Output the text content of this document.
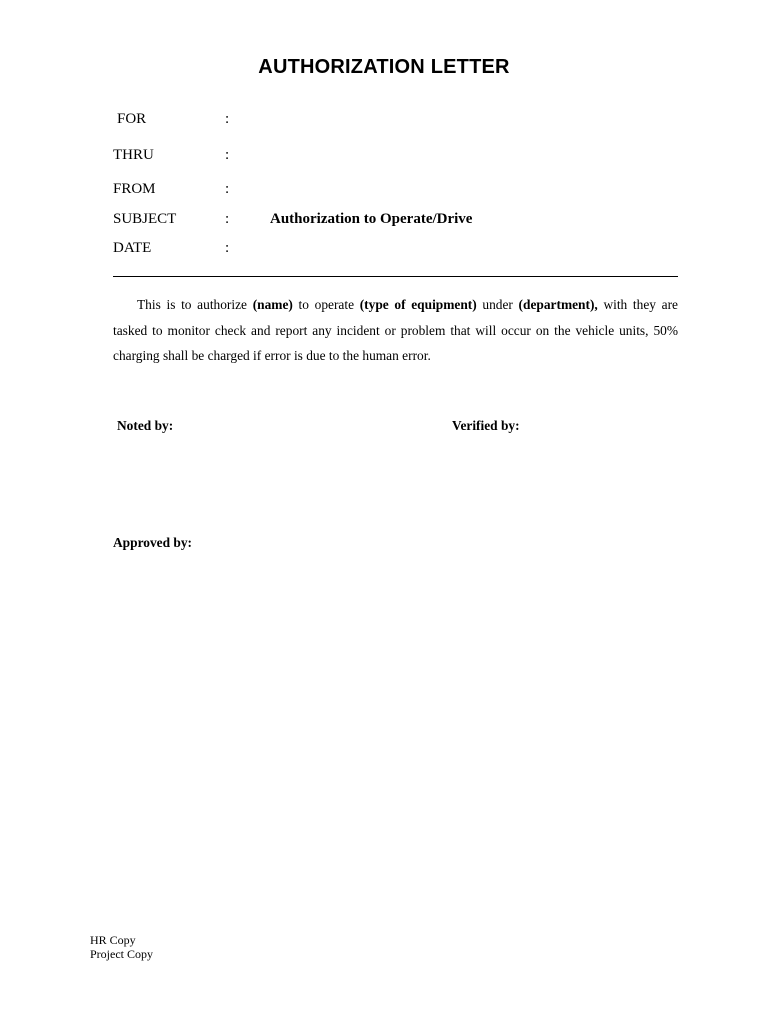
AUTHORIZATION LETTER
FOR	:
THRU	:
FROM	:
SUBJECT	:	Authorization to Operate/Drive
DATE	:
This is to authorize (name) to operate (type of equipment) under (department), with they are tasked to monitor check and report any incident or problem that will occur on the vehicle units, 50% charging shall be charged if error is due to the human error.
Noted by:	Verified by:
Approved by:
HR Copy
Project Copy
